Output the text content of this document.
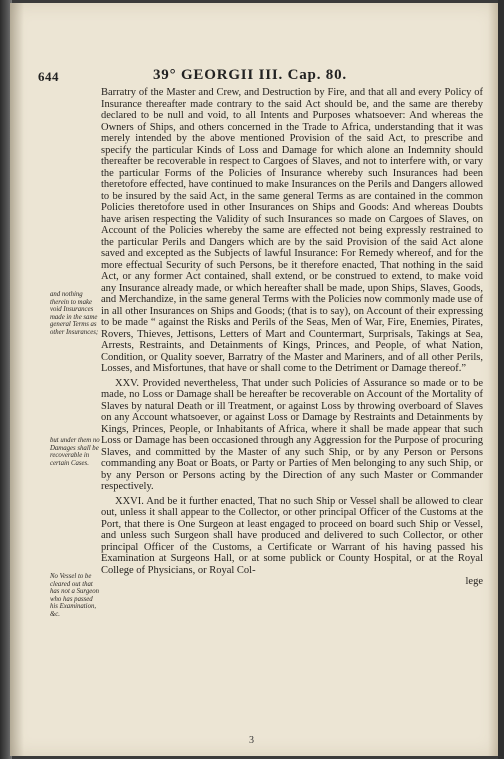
644	39° GEORGII III. Cap. 80.
and nothing therein to make void Insurances made in the same general Terms as other Insurances;
but under them no Damages shall be recoverable in certain Cases.
No Vessel to be cleared out that has not a Surgeon who has passed his Examination, &c.

Barratry of the Master and Crew, and Destruction by Fire, and that all and every Policy of Insurance thereafter made contrary to the said Act should be, and the same are thereby declared to be null and void, to all Intents and Purposes whatsoever: And whereas the Owners of Ships, and others concerned in the Trade to Africa, understanding that it was merely intended by the above mentioned Provision of the said Act, to prescribe and specify the particular Kinds of Loss and Damage for which alone an Indemnity should thereafter be recoverable in respect to Cargoes of Slaves, and not to interfere with, or vary the particular Forms of the Policies of Insurance whereby such Insurances had been theretofore effected, have continued to make Insurances on the Perils and Dangers allowed to be insured by the said Act, in the same general Terms as are contained in the common Policies theretofore used in other Insurances on Ships and Goods: And whereas Doubts have arisen respecting the Validity of such Insurances so made on Cargoes of Slaves, on Account of the Policies whereby the same are effected not being expressly restrained to the particular Perils and Dangers which are by the said Provision of the said Act alone saved and excepted as the Subjects of lawful Insurance: For Remedy whereof, and for the more effectual Security of such Persons, be it therefore enacted, That nothing in the said Act, or any former Act contained, shall extend, or be construed to extend, to make void any Insurance already made, or which hereafter shall be made, upon Ships, Slaves, Goods, and Merchandize, in the same general Terms with the Policies now commonly made use of in all other Insurances on Ships and Goods; (that is to say), on Account of their expressing to be made “ against the Risks and Perils of the Seas, Men of War, Fire, Enemies, Pirates, Rovers, Thieves, Jettisons, Letters of Mart and Countermart, Surprisals, Takings at Sea, Arrests, Restraints, and Detainments of Kings, Princes, and People, of what Nation, Condition, or Quality soever, Barratry of the Master and Mariners, and of all other Perils, Losses, and Misfortunes, that have or shall come to the Detriment or Damage thereof.”

XXV. Provided nevertheless, That under such Policies of Assurance so made or to be made, no Loss or Damage shall be hereafter be recoverable on Account of the Mortality of Slaves by natural Death or ill Treatment, or against Loss by throwing overboard of Slaves on any Account whatsoever, or against Loss or Damage by Restraints and Detainments by Kings, Princes, People, or Inhabitants of Africa, where it shall be made appear that such Loss or Damage has been occasioned through any Aggression for the Purpose of procuring Slaves, and committed by the Master of any such Ship, or by any Person or Persons commanding any Boat or Boats, or Party or Parties of Men belonging to any such Ship, or by any Person or Persons acting by the Direction of any such Master or Commander respectively.

XXVI. And be it further enacted, That no such Ship or Vessel shall be allowed to clear out, unless it shall appear to the Collector, or other principal Officer of the Customs at the Port, that there is One Surgeon at least engaged to proceed on board such Ship or Vessel, and unless such Surgeon shall have produced and delivered to such Collector, or other principal Officer of the Customs, a Certificate or Warrant of his having passed his Examination at Surgeons Hall, or at some publick or County Hospital, or at the Royal College of Physicians, or Royal Col-

lege
3
